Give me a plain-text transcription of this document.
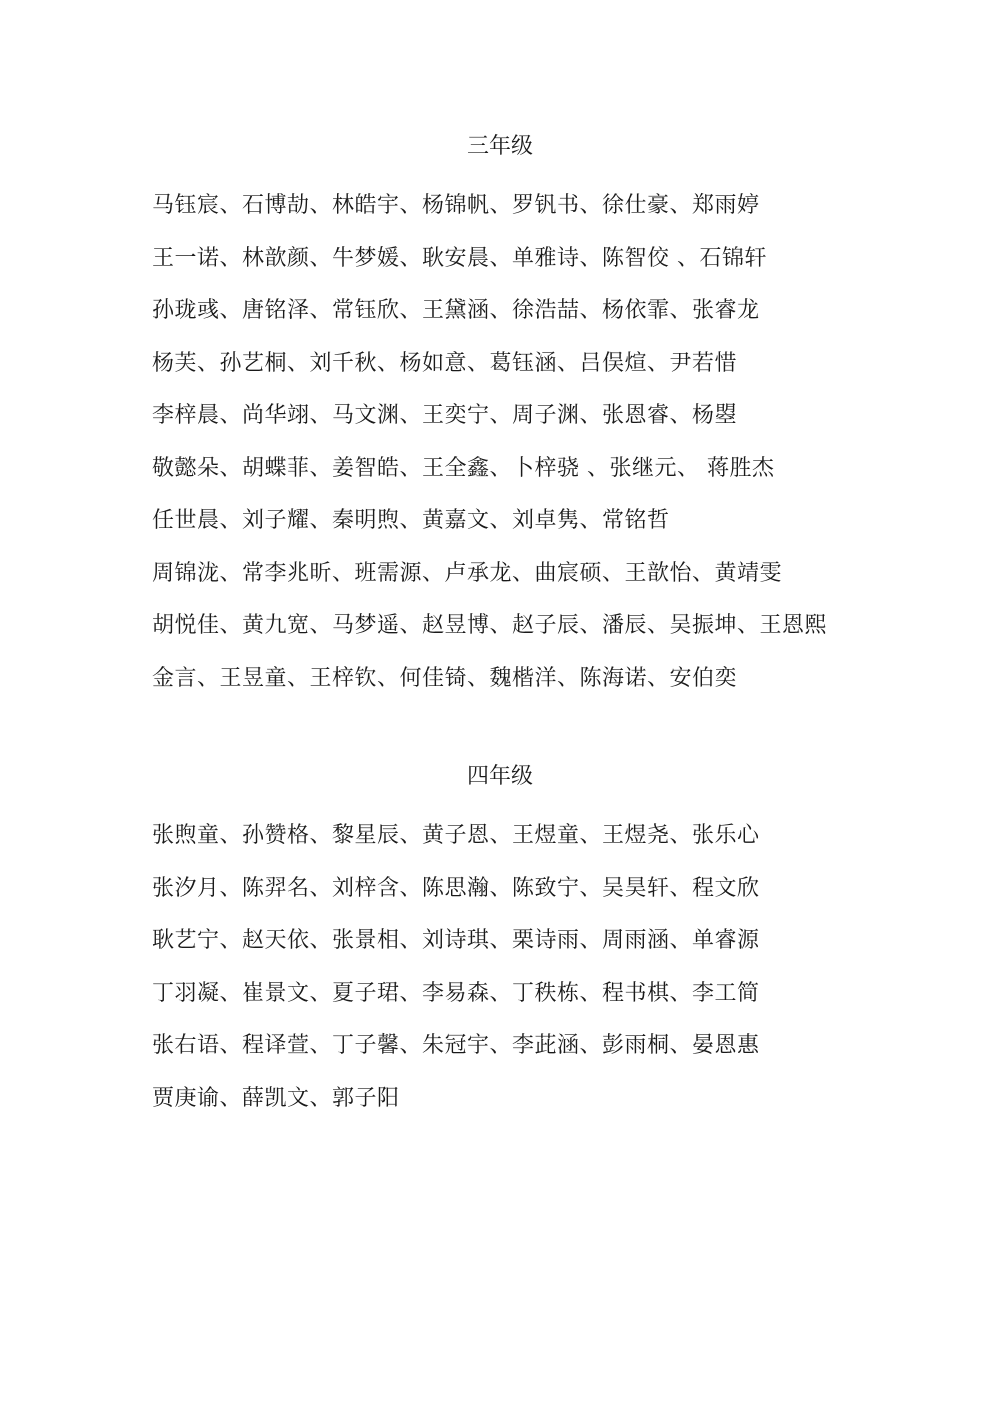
三年级
马钰宸、石博劼、林皓宇、杨锦帆、罗钒书、徐仕豪、郑雨婷
王一诺、林歆颜、牛梦媛、耿安晨、单雅诗、陈智佼 、石锦轩
孙珑彧、唐铭泽、常钰欣、王黛涵、徐浩喆、杨依霏、张睿龙
杨芙、孙艺桐、刘千秋、杨如意、葛钰涵、吕俣煊、尹若惜
李梓晨、尚华翊、马文渊、王奕宁、周子渊、张恩睿、杨曌
敬懿朵、胡蝶菲、姜智皓、王全鑫、卜梓骁 、张继元、 蒋胜杰
任世晨、刘子耀、秦明煦、黄嘉文、刘卓隽、常铭哲
周锦泷、常李兆昕、班需源、卢承龙、曲宸硕、王歆怡、黄靖雯
胡悦佳、黄九宽、马梦遥、赵昱博、赵子辰、潘辰、吴振坤、王恩熙
金言、王昱童、王梓钦、何佳锜、魏楷洋、陈海诺、安伯奕
四年级
张煦童、孙赞格、黎星辰、黄子恩、王煜童、王煜尧、张乐心
张汐月、陈羿名、刘梓含、陈思瀚、陈致宁、吴昊轩、程文欣
耿艺宁、赵天依、张景相、刘诗琪、栗诗雨、周雨涵、单睿源
丁羽凝、崔景文、夏子珺、李易森、丁秩栋、程书棋、李工简
张右语、程译萱、丁子馨、朱冠宇、李茈涵、彭雨桐、晏恩惠
贾庚谕、薛凯文、郭子阳
